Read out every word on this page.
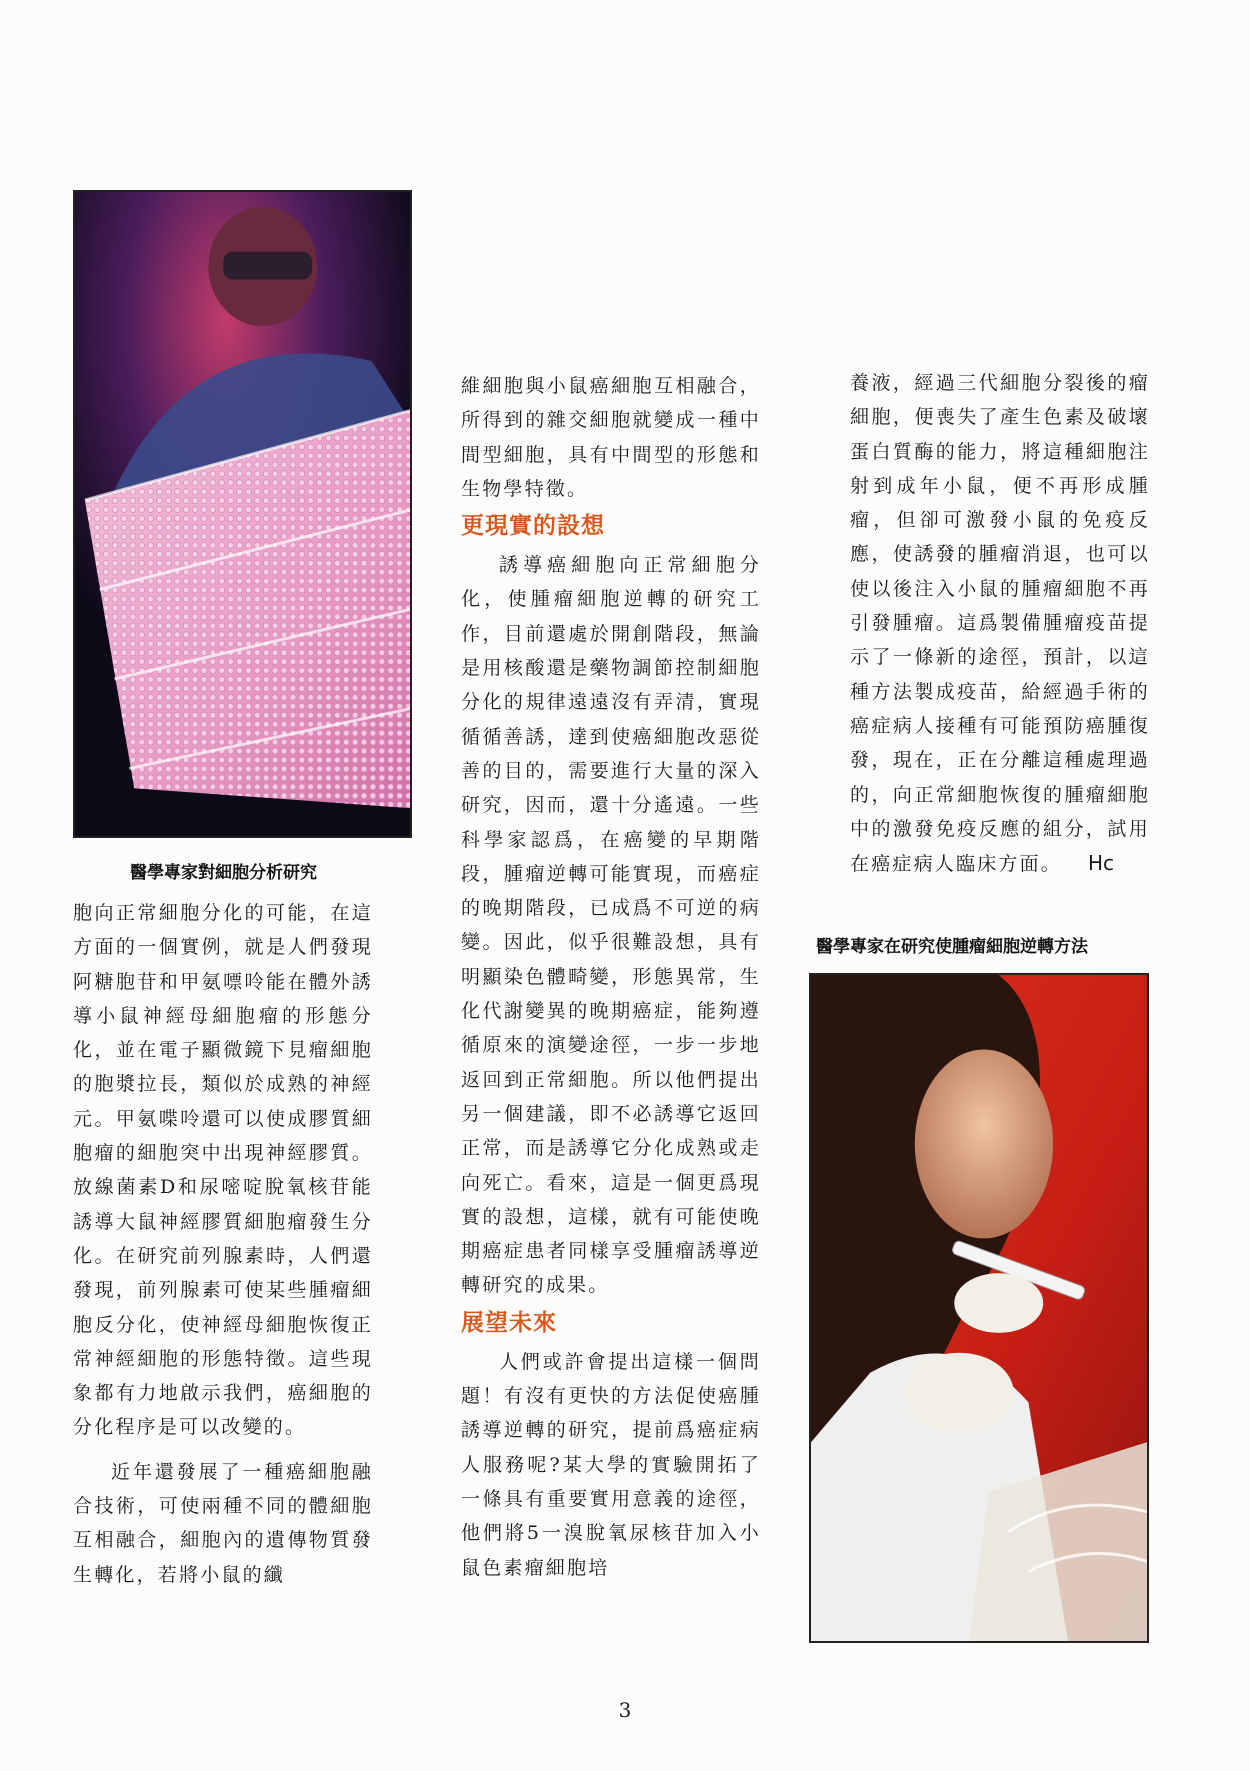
醫學專家對細胞分析研究

胞向正常細胞分化的可能，在這方面的一個實例，就是人們發現阿糖胞苷和甲氨嘌呤能在體外誘導小鼠神經母細胞瘤的形態分化，並在電子顯微鏡下見瘤細胞的胞漿拉長，類似於成熟的神經元。甲氨喋呤還可以使成膠質細胞瘤的細胞突中出現神經膠質。放線菌素D和尿嘧啶脫氧核苷能誘導大鼠神經膠質細胞瘤發生分化。在研究前列腺素時，人們還發現，前列腺素可使某些腫瘤細胞反分化，使神經母細胞恢復正常神經細胞的形態特徵。這些現象都有力地啟示我們，癌細胞的分化程序是可以改變的。

近年還發展了一種癌細胞融合技術，可使兩種不同的體細胞互相融合，細胞內的遺傳物質發生轉化，若將小鼠的纖

維細胞與小鼠癌細胞互相融合，所得到的雜交細胞就變成一種中間型細胞，具有中間型的形態和生物學特徵。

更現實的設想

誘導癌細胞向正常細胞分化，使腫瘤細胞逆轉的研究工作，目前還處於開創階段，無論是用核酸還是藥物調節控制細胞分化的規律遠遠沒有弄清，實現循循善誘，達到使癌細胞改惡從善的目的，需要進行大量的深入研究，因而，還十分遙遠。一些科學家認爲，在癌變的早期階段，腫瘤逆轉可能實現，而癌症的晚期階段，已成爲不可逆的病變。因此，似乎很難設想，具有明顯染色體畸變，形態異常，生化代謝變異的晚期癌症，能夠遵循原來的演變途徑，一步一步地返回到正常細胞。所以他們提出另一個建議，即不必誘導它返回正常，而是誘導它分化成熟或走向死亡。看來，這是一個更爲現實的設想，這樣，就有可能使晚期癌症患者同樣享受腫瘤誘導逆轉研究的成果。

展望未來

人們或許會提出這樣一個問題！有沒有更快的方法促使癌腫誘導逆轉的研究，提前爲癌症病人服務呢?某大學的實驗開拓了一條具有重要實用意義的途徑，他們將5一溴脫氧尿核苷加入小鼠色素瘤細胞培

養液，經過三代細胞分裂後的瘤細胞，便喪失了產生色素及破壞蛋白質酶的能力，將這種細胞注射到成年小鼠，便不再形成腫瘤，但卻可激發小鼠的免疫反應，使誘發的腫瘤消退，也可以使以後注入小鼠的腫瘤細胞不再引發腫瘤。這爲製備腫瘤疫苗提示了一條新的途徑，預計，以這種方法製成疫苗，給經過手術的癌症病人接種有可能預防癌腫復發，現在，正在分離這種處理過的，向正常細胞恢復的腫瘤細胞中的激發免疫反應的組分，試用在癌症病人臨床方面。 Hc

醫學專家在研究使腫瘤細胞逆轉方法
3
